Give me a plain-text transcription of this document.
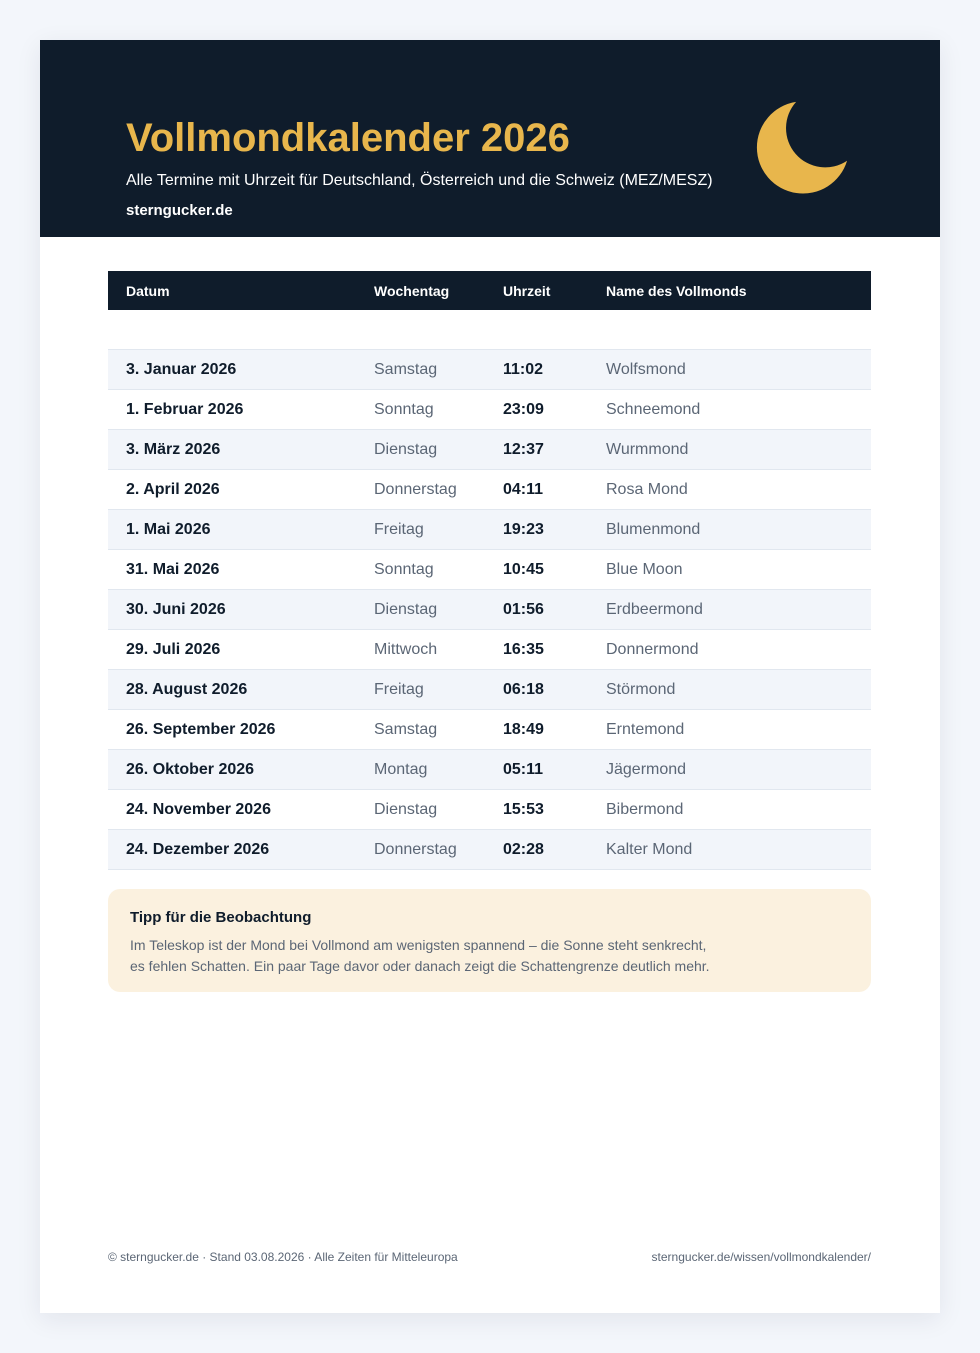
Vollmondkalender 2026
Alle Termine mit Uhrzeit für Deutschland, Österreich und die Schweiz (MEZ/MESZ)
sterngucker.de
Datum	Wochentag	Uhrzeit	Name des Vollmonds

3. Januar 2026	Samstag	11:02	Wolfsmond
1. Februar 2026	Sonntag	23:09	Schneemond
3. März 2026	Dienstag	12:37	Wurmmond
2. April 2026	Donnerstag	04:11	Rosa Mond
1. Mai 2026	Freitag	19:23	Blumenmond
31. Mai 2026	Sonntag	10:45	Blue Moon
30. Juni 2026	Dienstag	01:56	Erdbeermond
29. Juli 2026	Mittwoch	16:35	Donnermond
28. August 2026	Freitag	06:18	Störmond
26. September 2026	Samstag	18:49	Erntemond
26. Oktober 2026	Montag	05:11	Jägermond
24. November 2026	Dienstag	15:53	Bibermond
24. Dezember 2026	Donnerstag	02:28	Kalter Mond
Tipp für die Beobachtung
Im Teleskop ist der Mond bei Vollmond am wenigsten spannend – die Sonne steht senkrecht,
es fehlen Schatten. Ein paar Tage davor oder danach zeigt die Schattengrenze deutlich mehr.
© sterngucker.de · Stand 03.08.2026 · Alle Zeiten für Mitteleuropa	sterngucker.de/wissen/vollmondkalender/
